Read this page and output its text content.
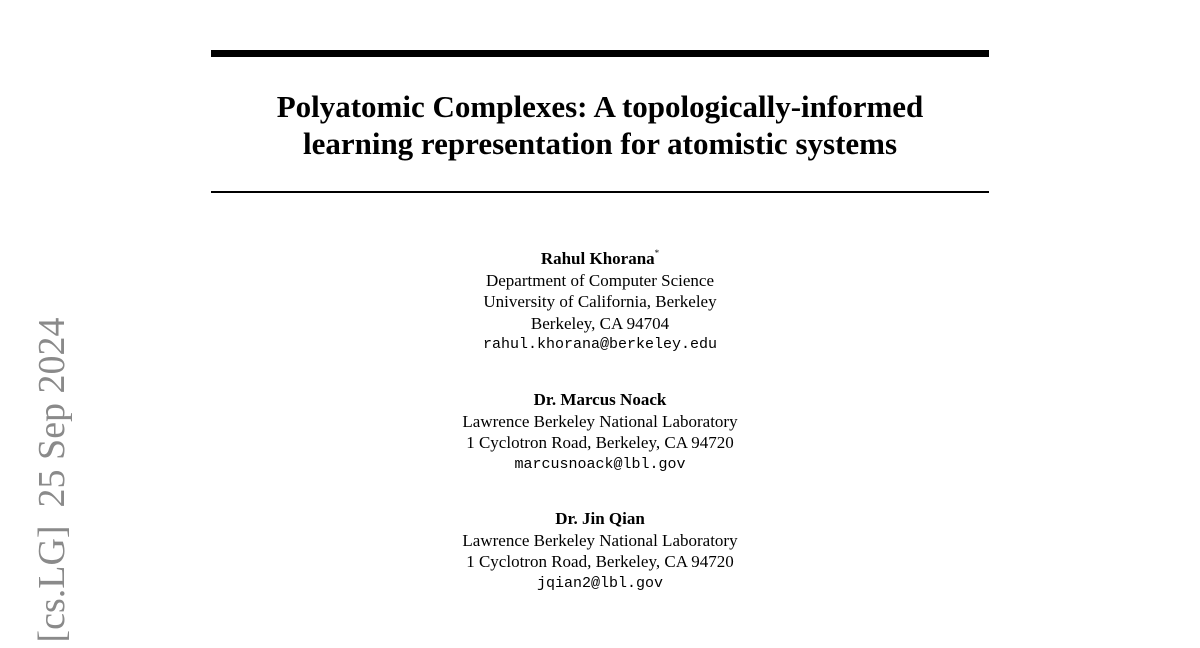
Polyatomic Complexes: A topologically-informed
learning representation for atomistic systems
Rahul Khorana*
Department of Computer Science
University of California, Berkeley
Berkeley, CA 94704
rahul.khorana@berkeley.edu
Dr. Marcus Noack
Lawrence Berkeley National Laboratory
1 Cyclotron Road, Berkeley, CA 94720
marcusnoack@lbl.gov
Dr. Jin Qian
Lawrence Berkeley National Laboratory
1 Cyclotron Road, Berkeley, CA 94720
jqian2@lbl.gov
[cs.LG]25 Sep 2024
